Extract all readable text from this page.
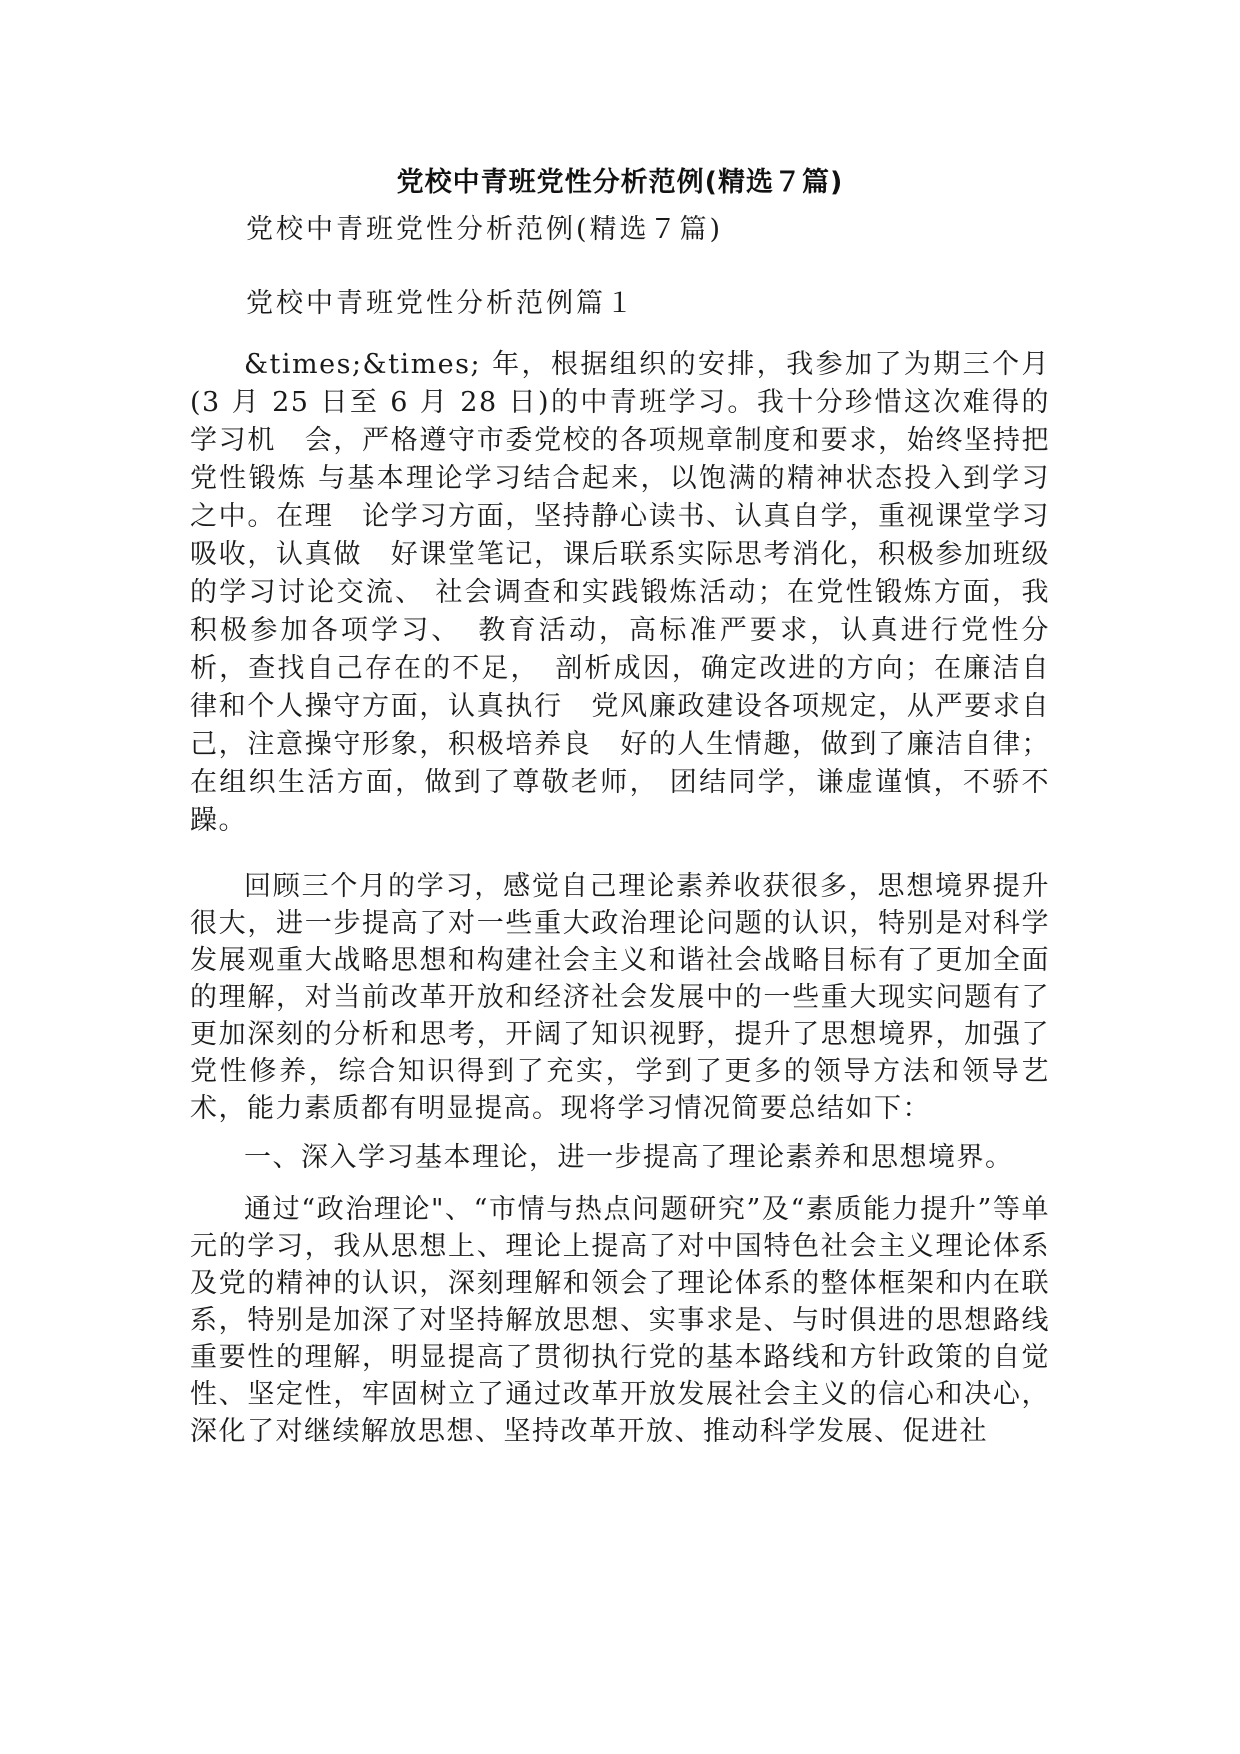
党校中青班党性分析范例(精选７篇)

党校中青班党性分析范例(精选７篇)

党校中青班党性分析范例篇１

&times;&times; 年，根据组织的安排，我参加了为期三个月(3 月 25 日至 6 月 28 日)的中青班学习。我十分珍惜这次难得的学习机　会，严格遵守市委党校的各项规章制度和要求，始终坚持把党性锻炼 与基本理论学习结合起来，以饱满的精神状态投入到学习之中。在理　论学习方面，坚持静心读书、认真自学，重视课堂学习吸收，认真做　好课堂笔记，课后联系实际思考消化，积极参加班级的学习讨论交流、 社会调查和实践锻炼活动；在党性锻炼方面，我积极参加各项学习、　教育活动，高标准严要求，认真进行党性分析，查找自己存在的不足，　剖析成因，确定改进的方向；在廉洁自律和个人操守方面，认真执行　党风廉政建设各项规定，从严要求自己，注意操守形象，积极培养良　好的人生情趣，做到了廉洁自律；在组织生活方面，做到了尊敬老师， 团结同学，谦虚谨慎，不骄不躁。

回顾三个月的学习，感觉自己理论素养收获很多，思想境界提升很大，进一步提高了对一些重大政治理论问题的认识，特别是对科学发展观重大战略思想和构建社会主义和谐社会战略目标有了更加全面的理解，对当前改革开放和经济社会发展中的一些重大现实问题有了更加深刻的分析和思考，开阔了知识视野，提升了思想境界，加强了党性修养，综合知识得到了充实，学到了更多的领导方法和领导艺术，能力素质都有明显提高。现将学习情况简要总结如下：

一、深入学习基本理论，进一步提高了理论素养和思想境界。

通过“政治理论"、“市情与热点问题研究”及“素质能力提升”等单元的学习，我从思想上、理论上提高了对中国特色社会主义理论体系及党的精神的认识，深刻理解和领会了理论体系的整体框架和内在联系，特别是加深了对坚持解放思想、实事求是、与时俱进的思想路线重要性的理解，明显提高了贯彻执行党的基本路线和方针政策的自觉性、坚定性，牢固树立了通过改革开放发展社会主义的信心和决心，深化了对继续解放思想、坚持改革开放、推动科学发展、促进社
